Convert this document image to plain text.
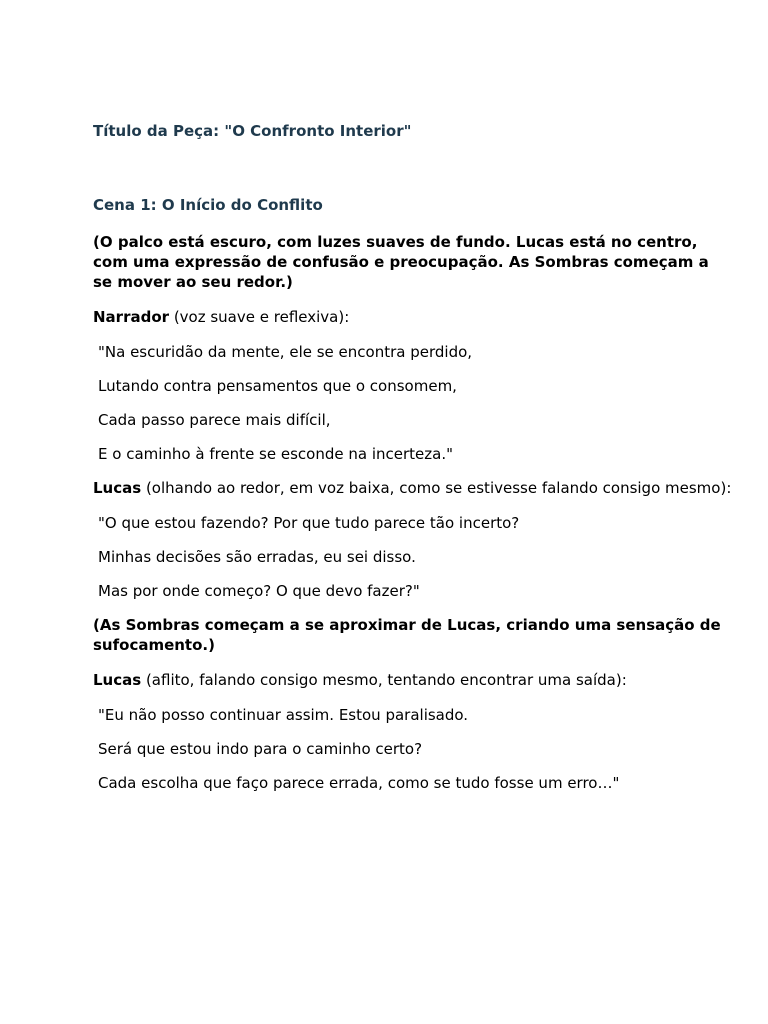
Título da Peça: "O Confronto Interior"
Cena 1: O Início do Conflito

(O palco está escuro, com luzes suaves de fundo. Lucas está no centro, com uma expressão de confusão e preocupação. As Sombras começam a se mover ao seu redor.)

Narrador (voz suave e reflexiva):

"Na escuridão da mente, ele se encontra perdido,

Lutando contra pensamentos que o consomem,

Cada passo parece mais difícil,

E o caminho à frente se esconde na incerteza."

Lucas (olhando ao redor, em voz baixa, como se estivesse falando consigo mesmo):

"O que estou fazendo? Por que tudo parece tão incerto?

Minhas decisões são erradas, eu sei disso.

Mas por onde começo? O que devo fazer?"

(As Sombras começam a se aproximar de Lucas, criando uma sensação de sufocamento.)

Lucas (aflito, falando consigo mesmo, tentando encontrar uma saída):

"Eu não posso continuar assim. Estou paralisado.

Será que estou indo para o caminho certo?

Cada escolha que faço parece errada, como se tudo fosse um erro…"
